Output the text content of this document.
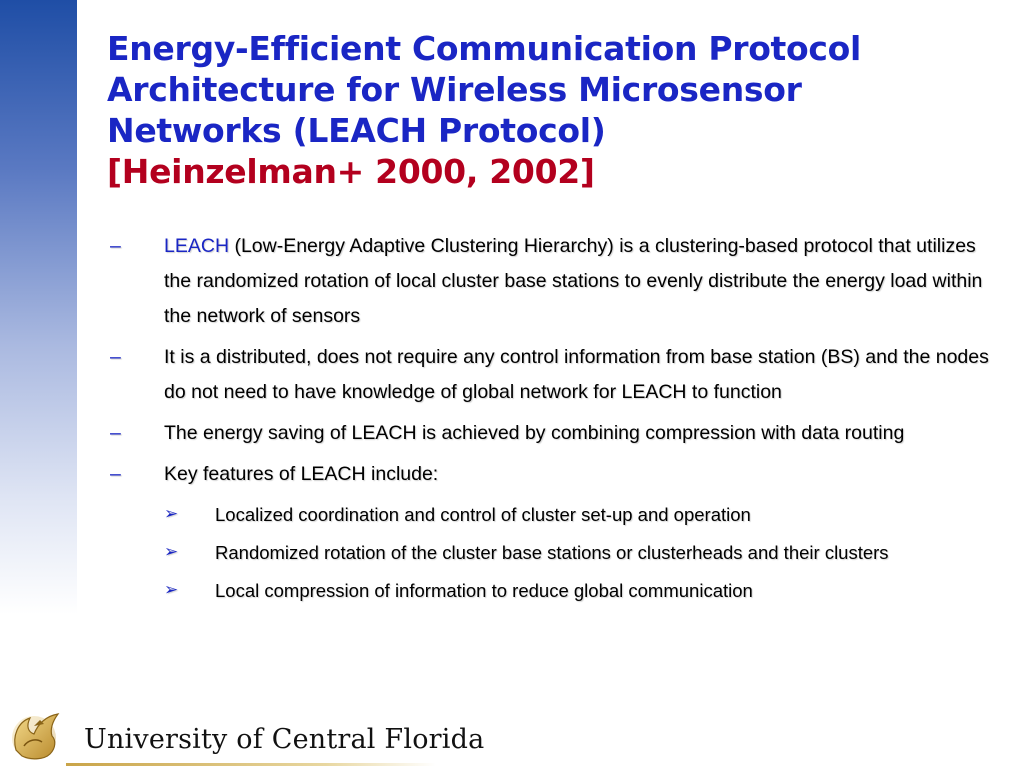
Energy-Efficient Communication Protocol
Architecture for Wireless Microsensor
Networks (LEACH Protocol)
[Heinzelman+ 2000, 2002]
– LEACH (Low-Energy Adaptive Clustering Hierarchy) is a clustering-based protocol that utilizes the randomized rotation of local cluster base stations to evenly distribute the energy load within the network of sensors
– It is a distributed, does not require any control information from base station (BS) and the nodes do not need to have knowledge of global network for LEACH to function
– The energy saving of LEACH is achieved by combining compression with data routing
– Key features of LEACH include:
➢ Localized coordination and control of cluster set-up and operation
➢ Randomized rotation of the cluster base stations or clusterheads and their clusters
➢ Local compression of information to reduce global communication
University of Central Florida
